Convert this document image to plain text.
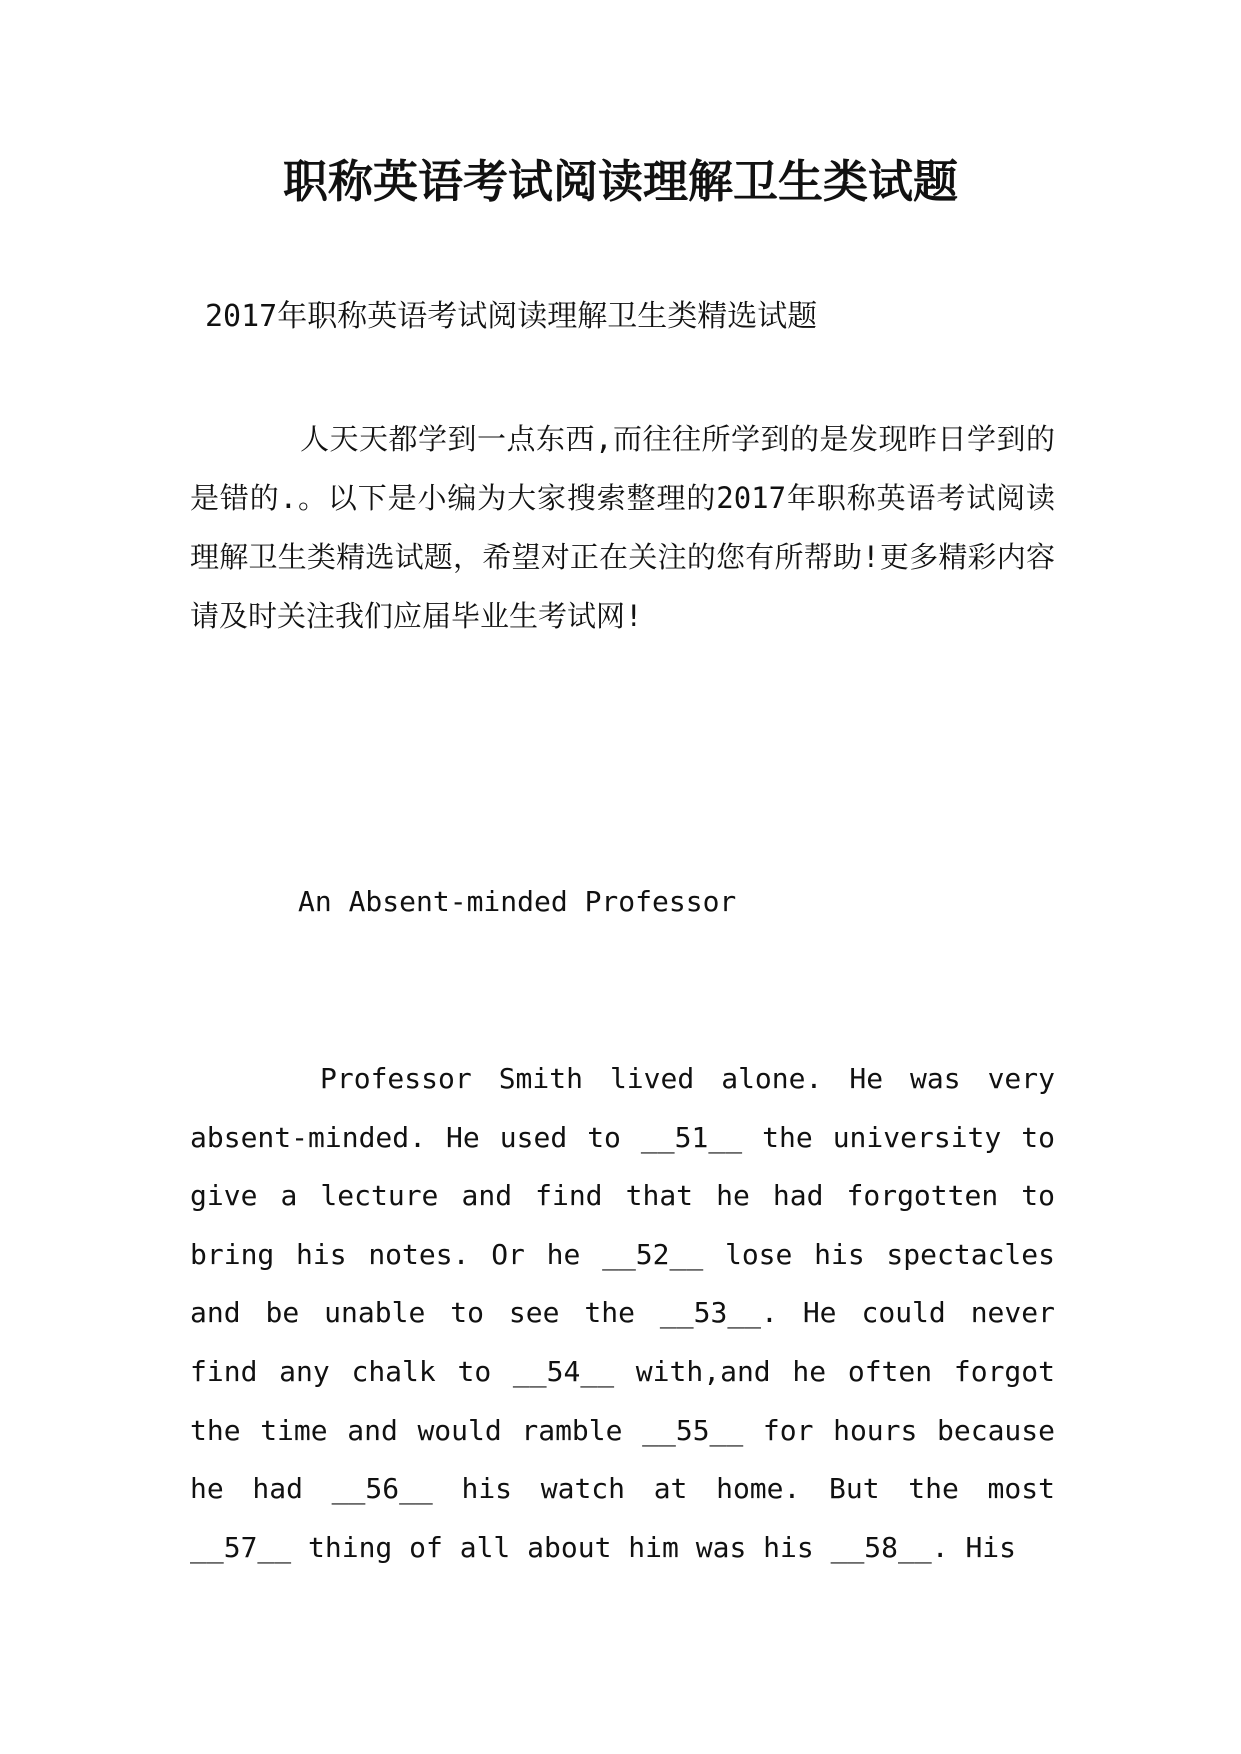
职称英语考试阅读理解卫生类试题

2017年职称英语考试阅读理解卫生类精选试题

人天天都学到一点东西,而往往所学到的是发现昨日学到的是错的.。以下是小编为大家搜索整理的2017年职称英语考试阅读理解卫生类精选试题，希望对正在关注的您有所帮助!更多精彩内容请及时关注我们应届毕业生考试网!

An Absent-minded Professor

Professor Smith lived alone. He was very absent-minded. He used to __51__ the university to give a lecture and find that he had forgotten to bring his notes. Or he __52__ lose his spectacles and be unable to see the __53__. He could never find any chalk to __54__ with,and he often forgot the time and would ramble __55__ for hours because he had __56__ his watch at home. But the most __57__ thing of all about him was his __58__. His
